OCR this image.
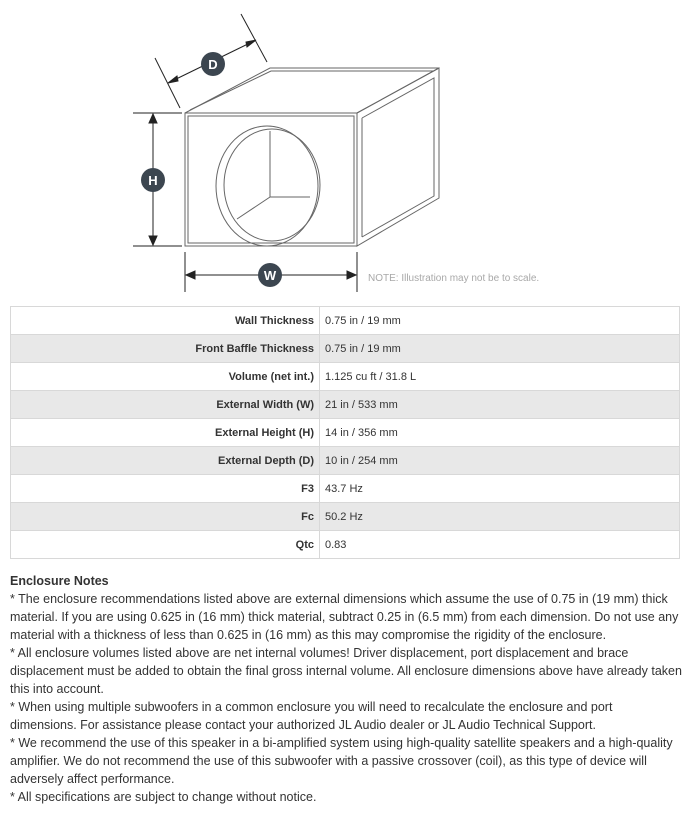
D
H
W	NOTE: Illustration may not be to scale.
Wall Thickness	0.75 in / 19 mm
Front Baffle Thickness	0.75 in / 19 mm
Volume (net int.)	1.125 cu ft / 31.8 L
External Width (W)	21 in / 533 mm
External Height (H)	14 in / 356 mm
External Depth (D)	10 in / 254 mm
F3	43.7 Hz
Fc	50.2 Hz
Qtc	0.83
Enclosure Notes

* The enclosure recommendations listed above are external dimensions which assume the use of 0.75 in (19 mm) thick material. If you are using 0.625 in (16 mm) thick material, subtract 0.25 in (6.5 mm) from each dimension. Do not use any material with a thickness of less than 0.625 in (16 mm) as this may compromise the rigidity of the enclosure.

* All enclosure volumes listed above are net internal volumes! Driver displacement, port displacement and brace displacement must be added to obtain the final gross internal volume. All enclosure dimensions above have already taken this into account.

* When using multiple subwoofers in a common enclosure you will need to recalculate the enclosure and port dimensions. For assistance please contact your authorized JL Audio dealer or JL Audio Technical Support.

* We recommend the use of this speaker in a bi-amplified system using high-quality satellite speakers and a high-quality amplifier. We do not recommend the use of this subwoofer with a passive crossover (coil), as this type of device will adversely affect performance.

* All specifications are subject to change without notice.
